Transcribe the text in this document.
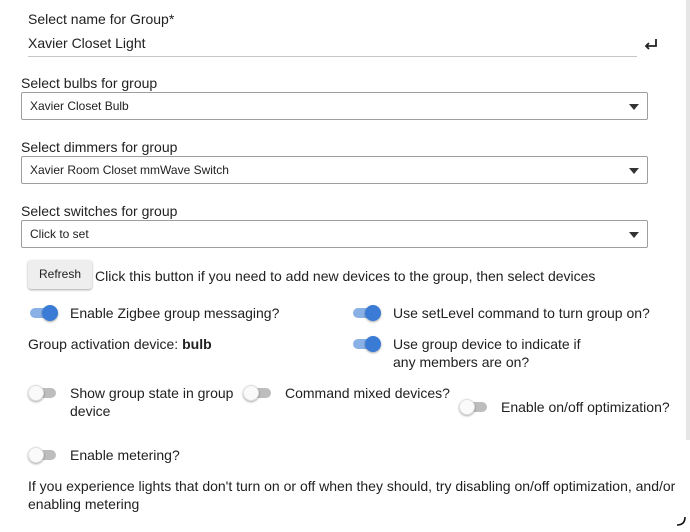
Select name for Group*
Xavier Closet Light
Select bulbs for group
Xavier Closet Bulb
Select dimmers for group
Xavier Room Closet mmWave Switch
Select switches for group
Click to set
Refresh Click this button if you need to add new devices to the group, then select devices
Enable Zigbee group messaging?	Use setLevel command to turn group on?
Group activation device: bulb	Use group device to indicate if
any members are on?
Show group state in group
device
Command mixed devices?
Enable on/off optimization?
Enable metering?
If you experience lights that don't turn on or off when they should, try disabling on/off optimization, and/or
enabling metering
